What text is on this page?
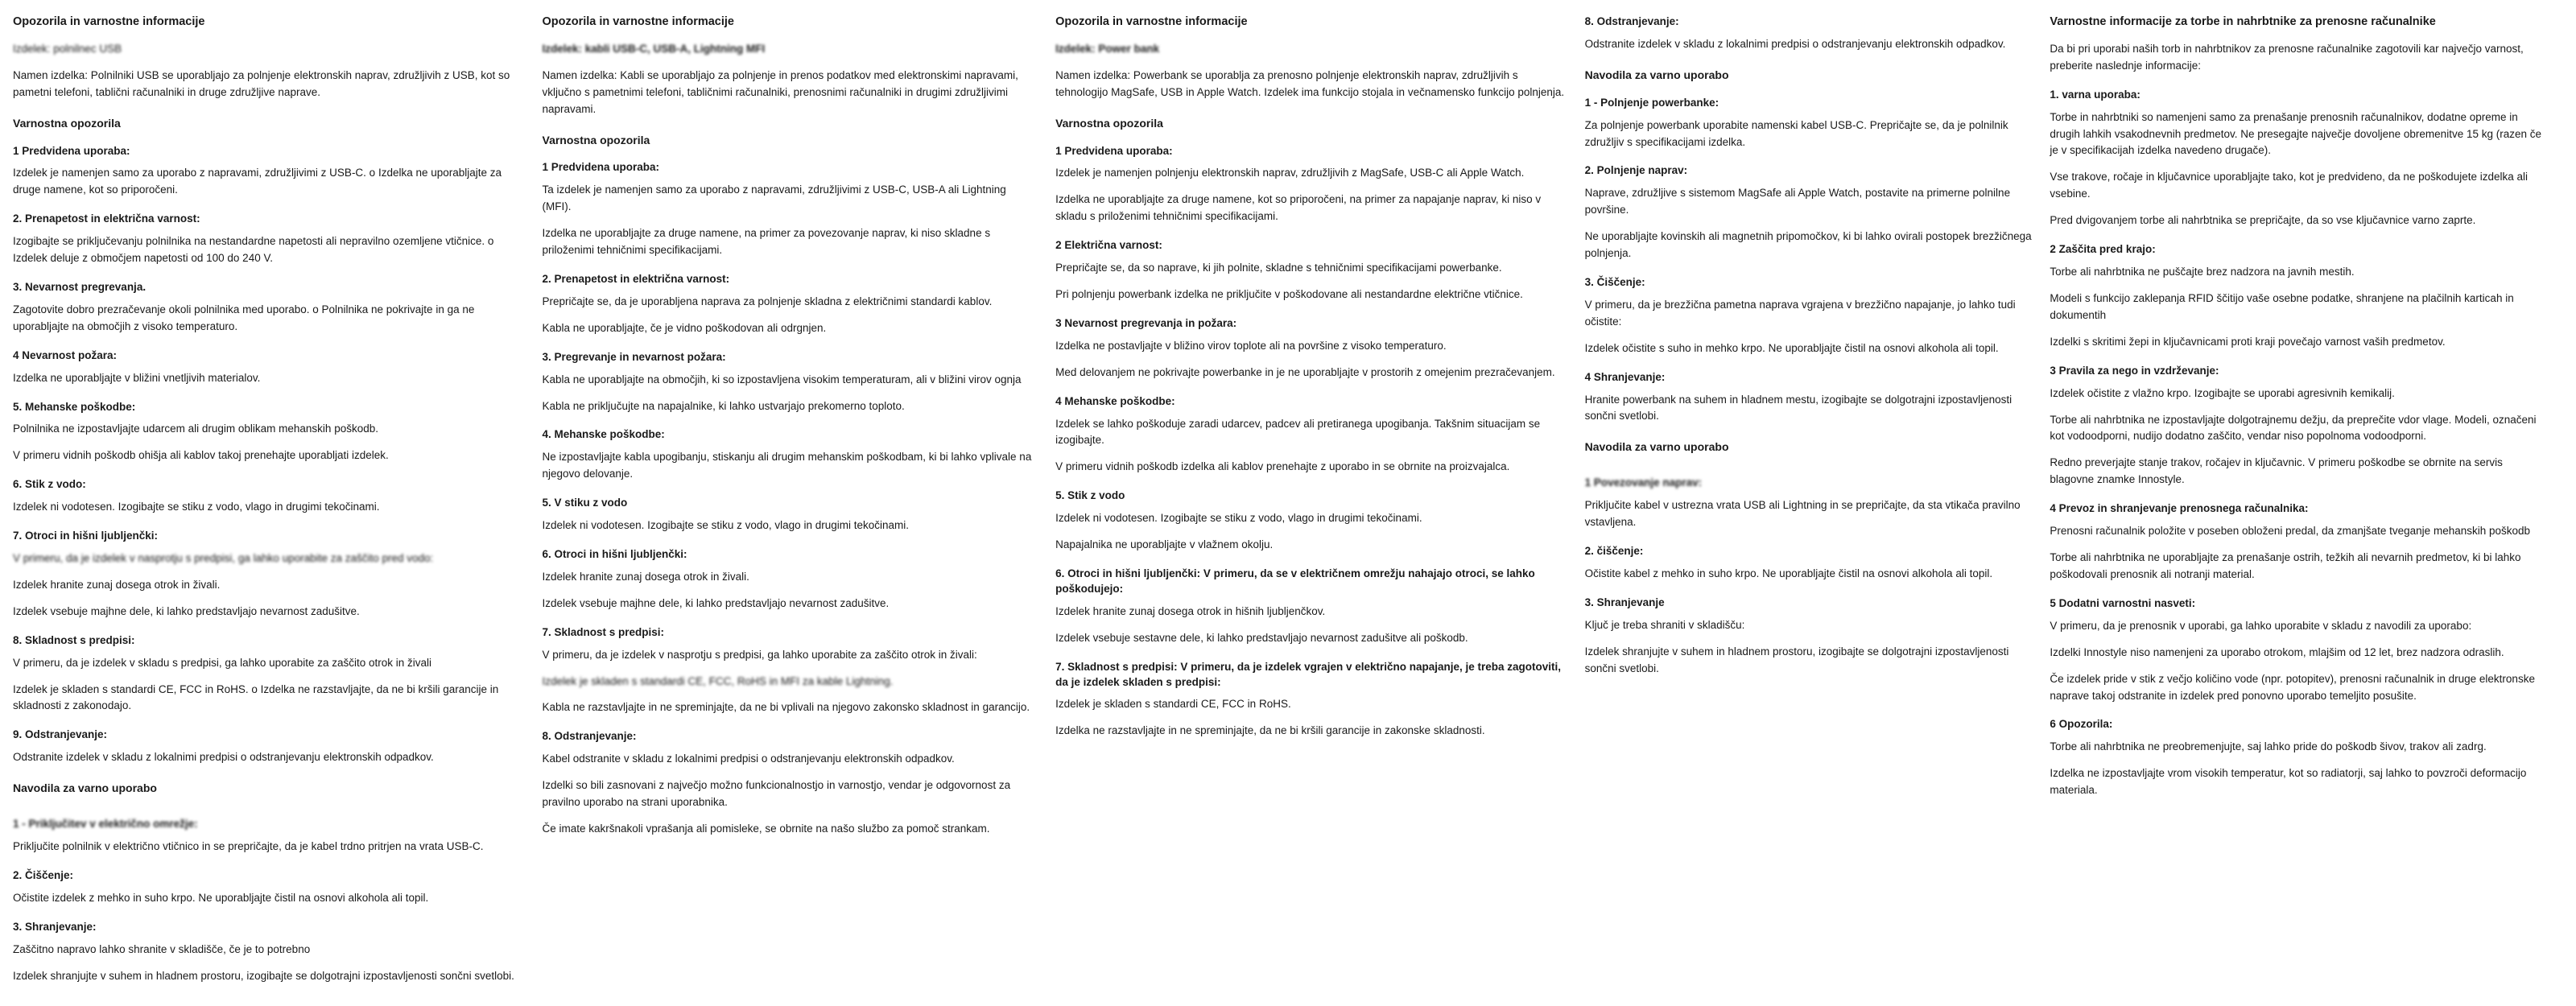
Opozorila in varnostne informacije

Izdelek: polnilnec USB

Namen izdelka: Polnilniki USB se uporabljajo za polnjenje elektronskih naprav, združljivih z USB, kot so pametni telefoni, tablični računalniki in druge združljive naprave.

Varnostna opozorila
1 Predvidena uporaba:

Izdelek je namenjen samo za uporabo z napravami, združljivimi z USB-C. o Izdelka ne uporabljajte za druge namene, kot so priporočeni.

2. Prenapetost in električna varnost:

Izogibajte se priključevanju polnilnika na nestandardne napetosti ali nepravilno ozemljene vtičnice. o Izdelek deluje z območjem napetosti od 100 do 240 V.

3. Nevarnost pregrevanja.

Zagotovite dobro prezračevanje okoli polnilnika med uporabo. o Polnilnika ne pokrivajte in ga ne uporabljajte na območjih z visoko temperaturo.

4 Nevarnost požara:

Izdelka ne uporabljajte v bližini vnetljivih materialov.

5. Mehanske poškodbe:

Polnilnika ne izpostavljajte udarcem ali drugim oblikam mehanskih poškodb.

V primeru vidnih poškodb ohišja ali kablov takoj prenehajte uporabljati izdelek.

6. Stik z vodo:

Izdelek ni vodotesen. Izogibajte se stiku z vodo, vlago in drugimi tekočinami.

7. Otroci in hišni ljubljenčki:

V primeru, da je izdelek v nasprotju s predpisi, ga lahko uporabite za zaščito pred vodo:

Izdelek hranite zunaj dosega otrok in živali.

Izdelek vsebuje majhne dele, ki lahko predstavljajo nevarnost zadušitve.

8. Skladnost s predpisi:

V primeru, da je izdelek v skladu s predpisi, ga lahko uporabite za zaščito otrok in živali

Izdelek je skladen s standardi CE, FCC in RoHS. o Izdelka ne razstavljajte, da ne bi kršili garancije in skladnosti z zakonodajo.

9. Odstranjevanje:

Odstranite izdelek v skladu z lokalnimi predpisi o odstranjevanju elektronskih odpadkov.

Navodila za varno uporabo
1 - Priključitev v električno omrežje:

Priključite polnilnik v električno vtičnico in se prepričajte, da je kabel trdno pritrjen na vrata USB-C.

2. Čiščenje:

Očistite izdelek z mehko in suho krpo. Ne uporabljajte čistil na osnovi alkohola ali topil.

3. Shranjevanje:

Zaščitno napravo lahko shranite v skladišče, če je to potrebno

Izdelek shranjujte v suhem in hladnem prostoru, izogibajte se dolgotrajni izpostavljenosti sončni svetlobi.

Opozorila in varnostne informacije

Izdelek: kabli USB-C, USB-A, Lightning MFI

Namen izdelka: Kabli se uporabljajo za polnjenje in prenos podatkov med elektronskimi napravami, vključno s pametnimi telefoni, tabličnimi računalniki, prenosnimi računalniki in drugimi združljivimi napravami.

Varnostna opozorila
1 Predvidena uporaba:

Ta izdelek je namenjen samo za uporabo z napravami, združljivimi z USB-C, USB-A ali Lightning (MFI).

Izdelka ne uporabljajte za druge namene, na primer za povezovanje naprav, ki niso skladne s priloženimi tehničnimi specifikacijami.

2. Prenapetost in električna varnost:

Prepričajte se, da je uporabljena naprava za polnjenje skladna z električnimi standardi kablov.

Kabla ne uporabljajte, če je vidno poškodovan ali odrgnjen.

3. Pregrevanje in nevarnost požara:

Kabla ne uporabljajte na območjih, ki so izpostavljena visokim temperaturam, ali v bližini virov ognja

Kabla ne priključujte na napajalnike, ki lahko ustvarjajo prekomerno toploto.

4. Mehanske poškodbe:

Ne izpostavljajte kabla upogibanju, stiskanju ali drugim mehanskim poškodbam, ki bi lahko vplivale na njegovo delovanje.

5. V stiku z vodo

Izdelek ni vodotesen. Izogibajte se stiku z vodo, vlago in drugimi tekočinami.

6. Otroci in hišni ljubljenčki:

Izdelek hranite zunaj dosega otrok in živali.

Izdelek vsebuje majhne dele, ki lahko predstavljajo nevarnost zadušitve.

7. Skladnost s predpisi:

V primeru, da je izdelek v nasprotju s predpisi, ga lahko uporabite za zaščito otrok in živali:

Izdelek je skladen s standardi CE, FCC, RoHS in MFI za kable Lightning.

Kabla ne razstavljajte in ne spreminjajte, da ne bi vplivali na njegovo zakonsko skladnost in garancijo.

8. Odstranjevanje:

Kabel odstranite v skladu z lokalnimi predpisi o odstranjevanju elektronskih odpadkov.

Izdelki so bili zasnovani z največjo možno funkcionalnostjo in varnostjo, vendar je odgovornost za pravilno uporabo na strani uporabnika.

Če imate kakršnakoli vprašanja ali pomisleke, se obrnite na našo službo za pomoč strankam.

Opozorila in varnostne informacije

Izdelek: Power bank

Namen izdelka: Powerbank se uporablja za prenosno polnjenje elektronskih naprav, združljivih s tehnologijo MagSafe, USB in Apple Watch. Izdelek ima funkcijo stojala in večnamensko funkcijo polnjenja.

Varnostna opozorila
1 Predvidena uporaba:

Izdelek je namenjen polnjenju elektronskih naprav, združljivih z MagSafe, USB-C ali Apple Watch.

Izdelka ne uporabljajte za druge namene, kot so priporočeni, na primer za napajanje naprav, ki niso v skladu s priloženimi tehničnimi specifikacijami.

2 Električna varnost:

Prepričajte se, da so naprave, ki jih polnite, skladne s tehničnimi specifikacijami powerbanke.

Pri polnjenju powerbank izdelka ne priključite v poškodovane ali nestandardne električne vtičnice.

3 Nevarnost pregrevanja in požara:

Izdelka ne postavljajte v bližino virov toplote ali na površine z visoko temperaturo.

Med delovanjem ne pokrivajte powerbanke in je ne uporabljajte v prostorih z omejenim prezračevanjem.

4 Mehanske poškodbe:

Izdelek se lahko poškoduje zaradi udarcev, padcev ali pretiranega upogibanja. Takšnim situacijam se izogibajte.

V primeru vidnih poškodb izdelka ali kablov prenehajte z uporabo in se obrnite na proizvajalca.

5. Stik z vodo

Izdelek ni vodotesen. Izogibajte se stiku z vodo, vlago in drugimi tekočinami.

Napajalnika ne uporabljajte v vlažnem okolju.

6. Otroci in hišni ljubljenčki: V primeru, da se v električnem omrežju nahajajo otroci, se lahko poškodujejo:

Izdelek hranite zunaj dosega otrok in hišnih ljubljenčkov.

Izdelek vsebuje sestavne dele, ki lahko predstavljajo nevarnost zadušitve ali poškodb.

7. Skladnost s predpisi: V primeru, da je izdelek vgrajen v električno napajanje, je treba zagotoviti, da je izdelek skladen s predpisi:

Izdelek je skladen s standardi CE, FCC in RoHS.

Izdelka ne razstavljajte in ne spreminjajte, da ne bi kršili garancije in zakonske skladnosti.

8. Odstranjevanje:

Odstranite izdelek v skladu z lokalnimi predpisi o odstranjevanju elektronskih odpadkov.

Navodila za varno uporabo
1 - Polnjenje powerbanke:

Za polnjenje powerbank uporabite namenski kabel USB-C. Prepričajte se, da je polnilnik združljiv s specifikacijami izdelka.

2. Polnjenje naprav:

Naprave, združljive s sistemom MagSafe ali Apple Watch, postavite na primerne polnilne površine.

Ne uporabljajte kovinskih ali magnetnih pripomočkov, ki bi lahko ovirali postopek brezžičnega polnjenja.

3. Čiščenje:

V primeru, da je brezžična pametna naprava vgrajena v brezžično napajanje, jo lahko tudi očistite:

Izdelek očistite s suho in mehko krpo. Ne uporabljajte čistil na osnovi alkohola ali topil.

4 Shranjevanje:

Hranite powerbank na suhem in hladnem mestu, izogibajte se dolgotrajni izpostavljenosti sončni svetlobi.

Navodila za varno uporabo
1 Povezovanje naprav:

Priključite kabel v ustrezna vrata USB ali Lightning in se prepričajte, da sta vtikača pravilno vstavljena.

2. čiščenje:

Očistite kabel z mehko in suho krpo. Ne uporabljajte čistil na osnovi alkohola ali topil.

3. Shranjevanje

Ključ je treba shraniti v skladišču:

Izdelek shranjujte v suhem in hladnem prostoru, izogibajte se dolgotrajni izpostavljenosti sončni svetlobi.

Varnostne informacije za torbe in nahrbtnike za prenosne računalnike

Da bi pri uporabi naših torb in nahrbtnikov za prenosne računalnike zagotovili kar največjo varnost, preberite naslednje informacije:

1. varna uporaba:

Torbe in nahrbtniki so namenjeni samo za prenašanje prenosnih računalnikov, dodatne opreme in drugih lahkih vsakodnevnih predmetov. Ne presegajte največje dovoljene obremenitve 15 kg (razen če je v specifikacijah izdelka navedeno drugače).

Vse trakove, ročaje in ključavnice uporabljajte tako, kot je predvideno, da ne poškodujete izdelka ali vsebine.

Pred dvigovanjem torbe ali nahrbtnika se prepričajte, da so vse ključavnice varno zaprte.

2 Zaščita pred krajo:

Torbe ali nahrbtnika ne puščajte brez nadzora na javnih mestih.

Modeli s funkcijo zaklepanja RFID ščitijo vaše osebne podatke, shranjene na plačilnih karticah in dokumentih

Izdelki s skritimi žepi in ključavnicami proti kraji povečajo varnost vaših predmetov.

3 Pravila za nego in vzdrževanje:

Izdelek očistite z vlažno krpo. Izogibajte se uporabi agresivnih kemikalij.

Torbe ali nahrbtnika ne izpostavljajte dolgotrajnemu dežju, da preprečite vdor vlage. Modeli, označeni kot vodoodporni, nudijo dodatno zaščito, vendar niso popolnoma vodoodporni.

Redno preverjajte stanje trakov, ročajev in ključavnic. V primeru poškodbe se obrnite na servis blagovne znamke Innostyle.

4 Prevoz in shranjevanje prenosnega računalnika:

Prenosni računalnik položite v poseben obloženi predal, da zmanjšate tveganje mehanskih poškodb

Torbe ali nahrbtnika ne uporabljajte za prenašanje ostrih, težkih ali nevarnih predmetov, ki bi lahko poškodovali prenosnik ali notranji material.

5 Dodatni varnostni nasveti:

V primeru, da je prenosnik v uporabi, ga lahko uporabite v skladu z navodili za uporabo:

Izdelki Innostyle niso namenjeni za uporabo otrokom, mlajšim od 12 let, brez nadzora odraslih.

Če izdelek pride v stik z večjo količino vode (npr. potopitev), prenosni računalnik in druge elektronske naprave takoj odstranite in izdelek pred ponovno uporabo temeljito posušite.

6 Opozorila:

Torbe ali nahrbtnika ne preobremenjujte, saj lahko pride do poškodb šivov, trakov ali zadrg.

Izdelka ne izpostavljajte vrom visokih temperatur, kot so radiatorji, saj lahko to povzroči deformacijo materiala.
